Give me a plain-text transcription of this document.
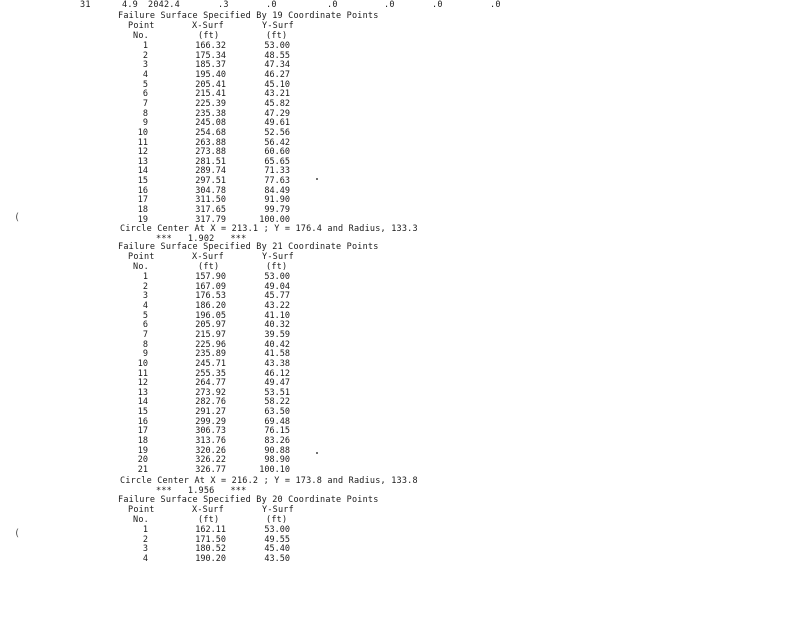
31	4.9 2042.4	.3	.0	.0	.0	.0	.0
Failure Surface Specified By 19 Coordinate Points
Point	X-Surf	Y-Surf
No.	(ft)	(ft)
1	166.32	53.00
2	175.34	48.55
3	185.37	47.34
4	195.40	46.27
5	205.41	45.10
6	215.41	43.21
7	225.39	45.82
8	235.38	47.29
9	245.08	49.61
10	254.68	52.56
11	263.88	56.42
12	273.88	60.60
13	281.51	65.65
14	289.74	71.33
15	297.51	77.63
16	304.78	84.49
17	311.50	91.90
18	317.65	99.79
19	317.79	100.00
Circle Center At X = 213.1 ; Y = 176.4 and Radius, 133.3
***   1.902   ***
Failure Surface Specified By 21 Coordinate Points
Point	X-Surf	Y-Surf
No.	(ft)	(ft)
1	157.90	53.00
2	167.09	49.04
3	176.53	45.77
4	186.20	43.22
5	196.05	41.10
6	205.97	40.32
7	215.97	39.59
8	225.96	40.42
9	235.89	41.58
10	245.71	43.38
11	255.35	46.12
12	264.77	49.47
13	273.92	53.51
14	282.76	58.22
15	291.27	63.50
16	299.29	69.48
17	306.73	76.15
18	313.76	83.26
19	320.26	90.88
20	326.22	98.90
21	326.77	100.10
Circle Center At X = 216.2 ; Y = 173.8 and Radius, 133.8
***   1.956   ***
Failure Surface Specified By 20 Coordinate Points
Point	X-Surf	Y-Surf
No.	(ft)	(ft)
1	162.11	53.00
2	171.50	49.55
3	180.52	45.40
4	190.20	43.50
(
(
